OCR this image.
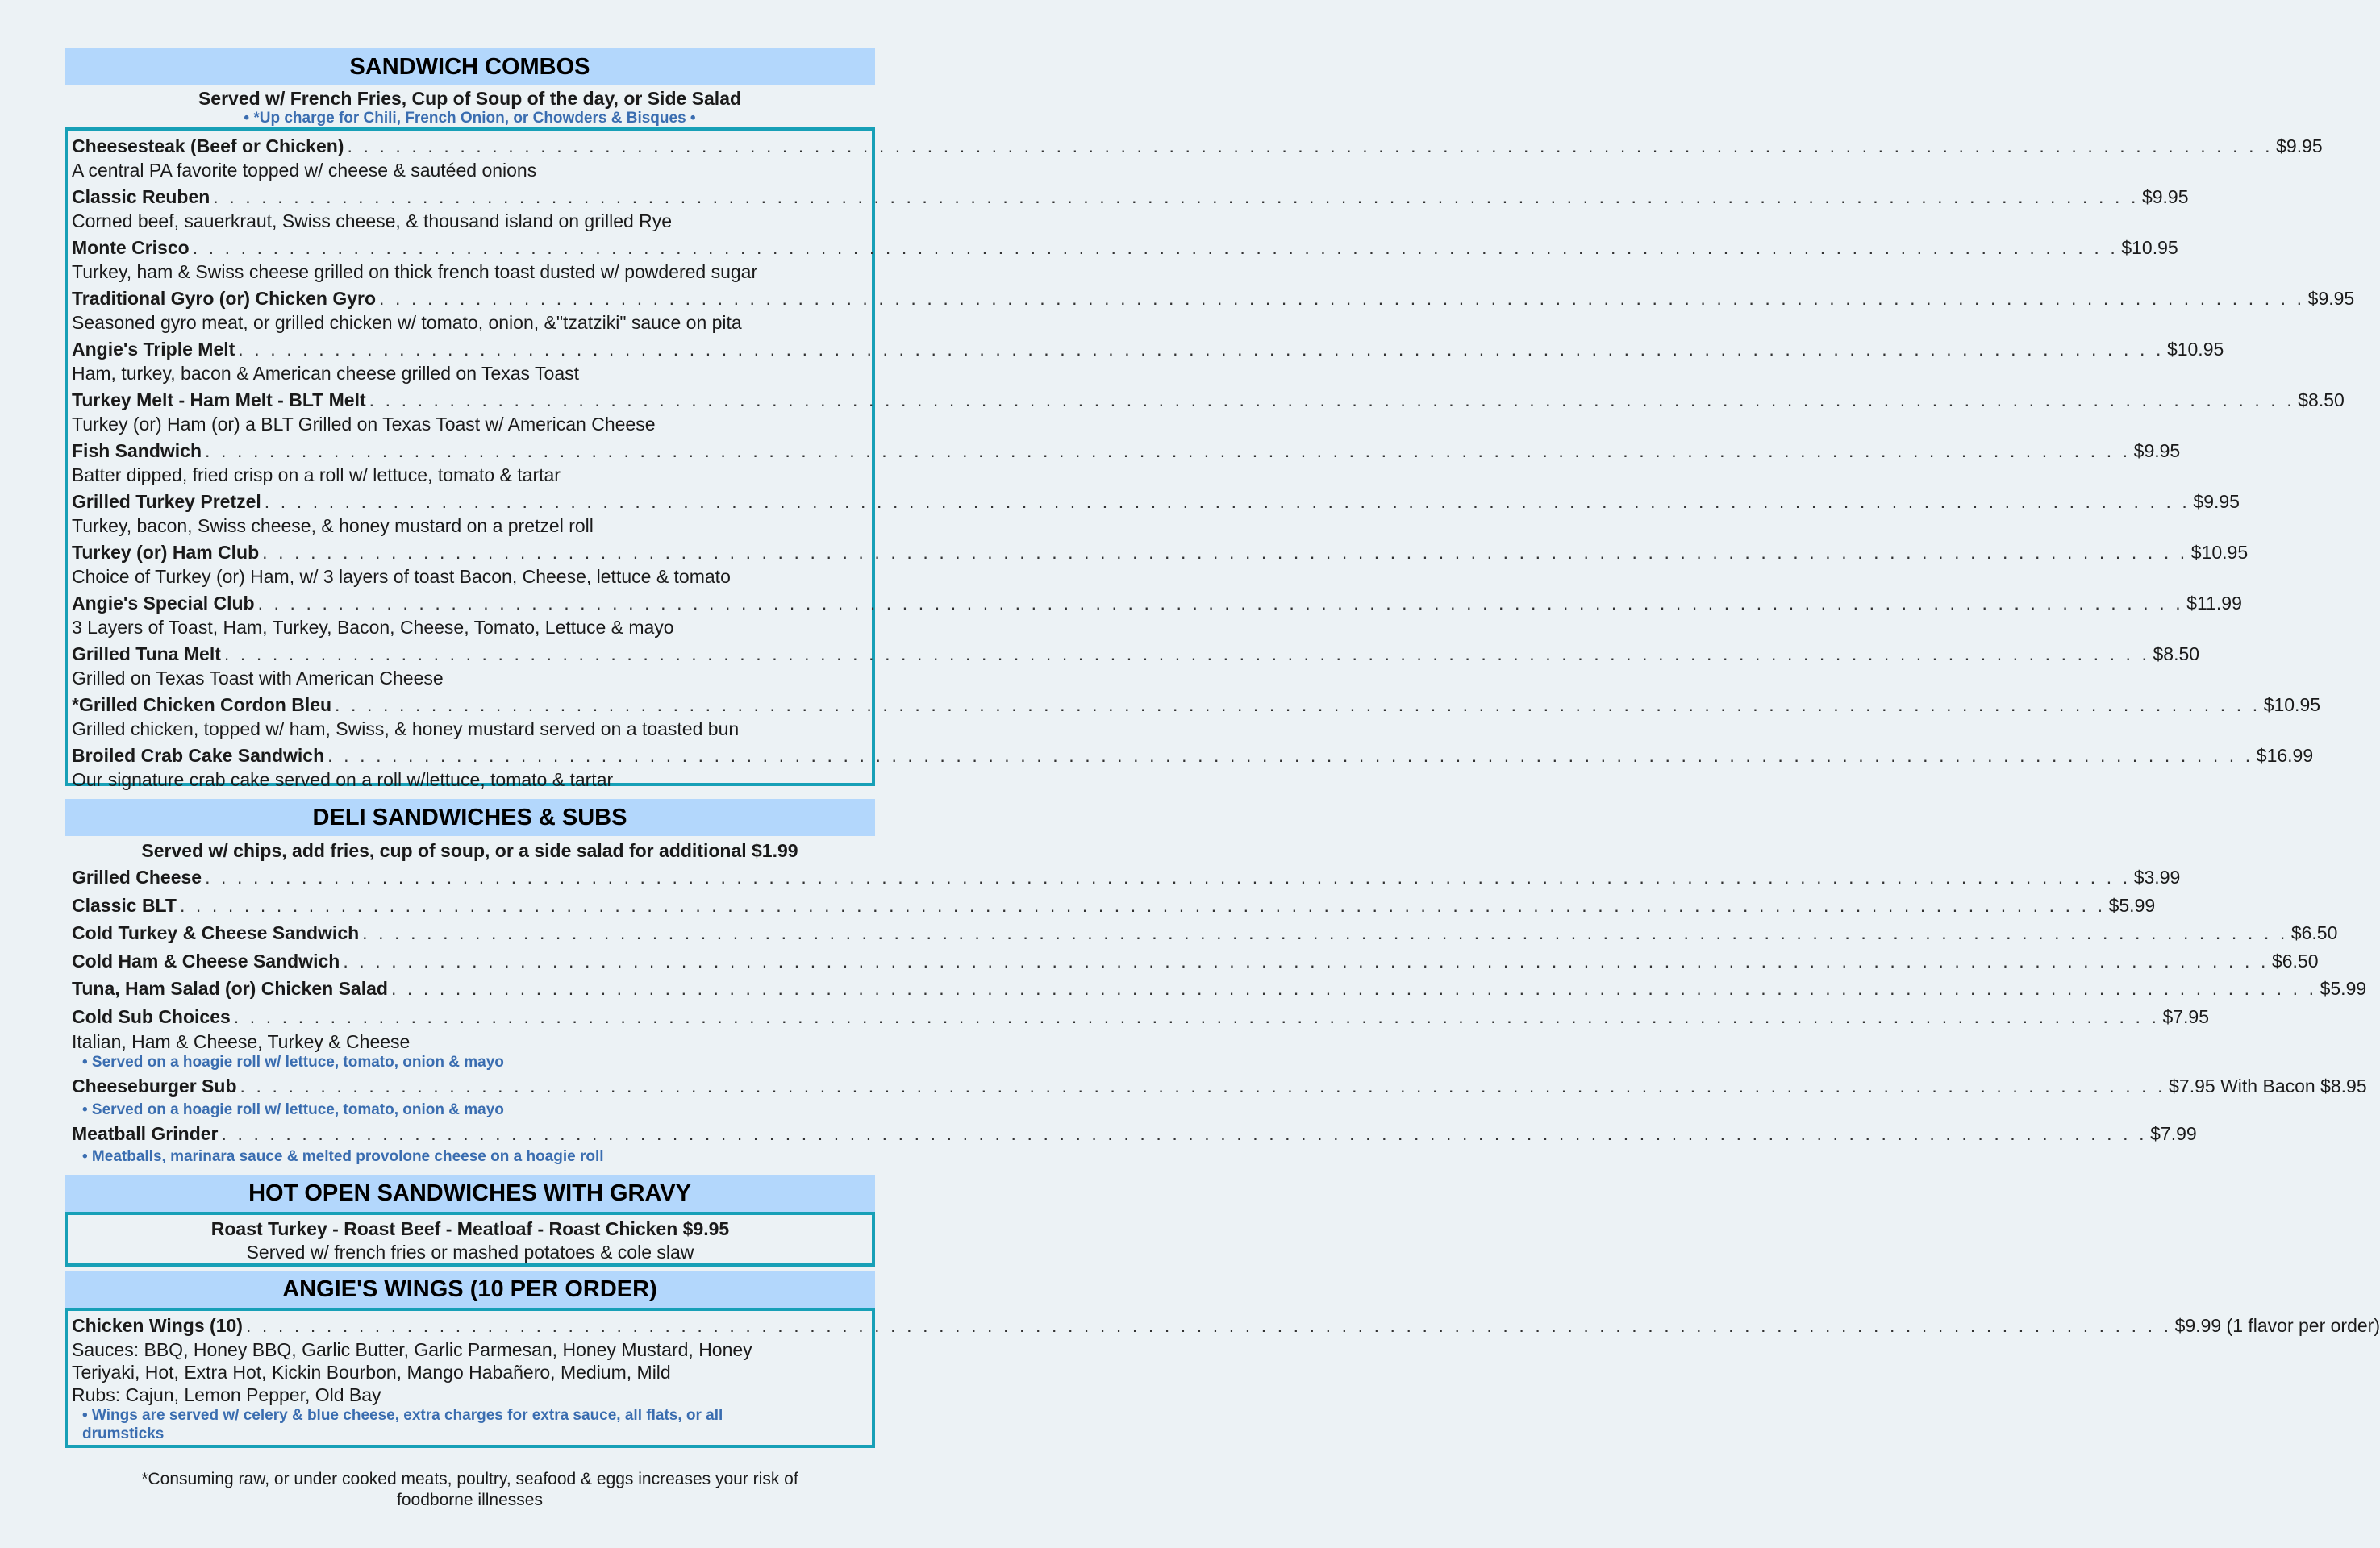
SANDWICH COMBOS
Served w/ French Fries, Cup of Soup of the day, or Side Salad
• *Up charge for Chili, French Onion, or Chowders & Bisques •
Cheesesteak (Beef or Chicken) . . . . . . . . . . . . . . . . . . . . . . . . . . . . . . . . . . . . . . . . . . . . . . . . . . . . . . . . . . . . . . . . . . . . . . . . . . . . . . . . . . . . . . . . . . . . . . . . . . . . . . . . . . . . . . . . . . . . . . . . $9.95
A central PA favorite topped w/ cheese & sautéed onions
Classic Reuben . . . . . . . . . . . . . . . . . . . . . . . . . . . . . . . . . . . . . . . . . . . . . . . . . . . . . . . . . . . . . . . . . . . . . . . . . . . . . . . . . . . . . . . . . . . . . . . . . . . . . . . . . . . . . . . . . . . . . . . . $9.95
Corned beef, sauerkraut, Swiss cheese, & thousand island on grilled Rye
Monte Crisco . . . . . . . . . . . . . . . . . . . . . . . . . . . . . . . . . . . . . . . . . . . . . . . . . . . . . . . . . . . . . . . . . . . . . . . . . . . . . . . . . . . . . . . . . . . . . . . . . . . . . . . . . . . . . . . . . . . . . . . . $10.95
Turkey, ham & Swiss cheese grilled on thick french toast dusted w/ powdered sugar
Traditional Gyro (or) Chicken Gyro . . . . . . . . . . . . . . . . . . . . . . . . . . . . . . . . . . . . . . . . . . . . . . . . . . . . . . . . . . . . . . . . . . . . . . . . . . . . . . . . . . . . . . . . . . . . . . . . . . . . . . . . . . . . . . . . . . . . . . . . $9.95
Seasoned gyro meat, or grilled chicken w/ tomato, onion, &"tzatziki" sauce on pita
Angie's Triple Melt . . . . . . . . . . . . . . . . . . . . . . . . . . . . . . . . . . . . . . . . . . . . . . . . . . . . . . . . . . . . . . . . . . . . . . . . . . . . . . . . . . . . . . . . . . . . . . . . . . . . . . . . . . . . . . . . . . . . . . . . $10.95
Ham, turkey, bacon & American cheese grilled on Texas Toast
Turkey Melt - Ham Melt - BLT Melt . . . . . . . . . . . . . . . . . . . . . . . . . . . . . . . . . . . . . . . . . . . . . . . . . . . . . . . . . . . . . . . . . . . . . . . . . . . . . . . . . . . . . . . . . . . . . . . . . . . . . . . . . . . . . . . . . . . . . . . . $8.50
Turkey (or) Ham (or) a BLT Grilled on Texas Toast w/ American Cheese
Fish Sandwich . . . . . . . . . . . . . . . . . . . . . . . . . . . . . . . . . . . . . . . . . . . . . . . . . . . . . . . . . . . . . . . . . . . . . . . . . . . . . . . . . . . . . . . . . . . . . . . . . . . . . . . . . . . . . . . . . . . . . . . . $9.95
Batter dipped, fried crisp on a roll w/ lettuce, tomato & tartar
Grilled Turkey Pretzel . . . . . . . . . . . . . . . . . . . . . . . . . . . . . . . . . . . . . . . . . . . . . . . . . . . . . . . . . . . . . . . . . . . . . . . . . . . . . . . . . . . . . . . . . . . . . . . . . . . . . . . . . . . . . . . . . . . . . . . . $9.95
Turkey, bacon, Swiss cheese, & honey mustard on a pretzel roll
Turkey (or) Ham Club . . . . . . . . . . . . . . . . . . . . . . . . . . . . . . . . . . . . . . . . . . . . . . . . . . . . . . . . . . . . . . . . . . . . . . . . . . . . . . . . . . . . . . . . . . . . . . . . . . . . . . . . . . . . . . . . . . . . . . . . $10.95
Choice of Turkey (or) Ham, w/ 3 layers of toast Bacon, Cheese, lettuce & tomato
Angie's Special Club . . . . . . . . . . . . . . . . . . . . . . . . . . . . . . . . . . . . . . . . . . . . . . . . . . . . . . . . . . . . . . . . . . . . . . . . . . . . . . . . . . . . . . . . . . . . . . . . . . . . . . . . . . . . . . . . . . . . . . . . $11.99
3 Layers of Toast, Ham, Turkey, Bacon, Cheese, Tomato, Lettuce & mayo
Grilled Tuna Melt . . . . . . . . . . . . . . . . . . . . . . . . . . . . . . . . . . . . . . . . . . . . . . . . . . . . . . . . . . . . . . . . . . . . . . . . . . . . . . . . . . . . . . . . . . . . . . . . . . . . . . . . . . . . . . . . . . . . . . . . $8.50
Grilled on Texas Toast with American Cheese
*Grilled Chicken Cordon Bleu . . . . . . . . . . . . . . . . . . . . . . . . . . . . . . . . . . . . . . . . . . . . . . . . . . . . . . . . . . . . . . . . . . . . . . . . . . . . . . . . . . . . . . . . . . . . . . . . . . . . . . . . . . . . . . . . . . . . . . . . $10.95
Grilled chicken, topped w/ ham, Swiss, & honey mustard served on a toasted bun
Broiled Crab Cake Sandwich . . . . . . . . . . . . . . . . . . . . . . . . . . . . . . . . . . . . . . . . . . . . . . . . . . . . . . . . . . . . . . . . . . . . . . . . . . . . . . . . . . . . . . . . . . . . . . . . . . . . . . . . . . . . . . . . . . . . . . . . $16.99
Our signature crab cake served on a roll w/lettuce, tomato & tartar
DELI SANDWICHES & SUBS
Served w/ chips, add fries, cup of soup, or a side salad for additional $1.99
Grilled Cheese . . . . . . . . . . . . . . . . . . . . . . . . . . . . . . . . . . . . . . . . . . . . . . . . . . . . . . . . . . . . . . . . . . . . . . . . . . . . . . . . . . . . . . . . . . . . . . . . . . . . . . . . . . . . . . . . . . . . . . . . $3.99
Classic BLT . . . . . . . . . . . . . . . . . . . . . . . . . . . . . . . . . . . . . . . . . . . . . . . . . . . . . . . . . . . . . . . . . . . . . . . . . . . . . . . . . . . . . . . . . . . . . . . . . . . . . . . . . . . . . . . . . . . . . . . . $5.99
Cold Turkey & Cheese Sandwich . . . . . . . . . . . . . . . . . . . . . . . . . . . . . . . . . . . . . . . . . . . . . . . . . . . . . . . . . . . . . . . . . . . . . . . . . . . . . . . . . . . . . . . . . . . . . . . . . . . . . . . . . . . . . . . . . . . . . . . . $6.50
Cold Ham & Cheese Sandwich . . . . . . . . . . . . . . . . . . . . . . . . . . . . . . . . . . . . . . . . . . . . . . . . . . . . . . . . . . . . . . . . . . . . . . . . . . . . . . . . . . . . . . . . . . . . . . . . . . . . . . . . . . . . . . . . . . . . . . . . $6.50
Tuna, Ham Salad (or) Chicken Salad . . . . . . . . . . . . . . . . . . . . . . . . . . . . . . . . . . . . . . . . . . . . . . . . . . . . . . . . . . . . . . . . . . . . . . . . . . . . . . . . . . . . . . . . . . . . . . . . . . . . . . . . . . . . . . . . . . . . . . . . $5.99
Cold Sub Choices . . . . . . . . . . . . . . . . . . . . . . . . . . . . . . . . . . . . . . . . . . . . . . . . . . . . . . . . . . . . . . . . . . . . . . . . . . . . . . . . . . . . . . . . . . . . . . . . . . . . . . . . . . . . . . . . . . . . . . . . $7.95
Italian, Ham & Cheese, Turkey & Cheese
• Served on a hoagie roll w/ lettuce, tomato, onion & mayo
Cheeseburger Sub . . . . . . . . . . . . . . . . . . . . . . . . . . . . . . . . . . . . . . . . . . . . . . . . . . . . . . . . . . . . . . . . . . . . . . . . . . . . . . . . . . . . . . . . . . . . . . . . . . . . . . . . . . . . . . . . . . . . . . . . $7.95 With Bacon $8.95
• Served on a hoagie roll w/ lettuce, tomato, onion & mayo
Meatball Grinder . . . . . . . . . . . . . . . . . . . . . . . . . . . . . . . . . . . . . . . . . . . . . . . . . . . . . . . . . . . . . . . . . . . . . . . . . . . . . . . . . . . . . . . . . . . . . . . . . . . . . . . . . . . . . . . . . . . . . . . . $7.99
• Meatballs, marinara sauce & melted provolone cheese on a hoagie roll
HOT OPEN SANDWICHES WITH GRAVY
Roast Turkey - Roast Beef - Meatloaf - Roast Chicken $9.95
Served w/ french fries or mashed potatoes & cole slaw
ANGIE'S WINGS (10 PER ORDER)
Chicken Wings (10) . . . . . . . . . . . . . . . . . . . . . . . . . . . . . . . . . . . . . . . . . . . . . . . . . . . . . . . . . . . . . . . . . . . . . . . . . . . . . . . . . . . . . . . . . . . . . . . . . . . . . . . . . . . . . . . . . . . . . . . . $9.99 (1 flavor per order)
Sauces: BBQ, Honey BBQ, Garlic Butter, Garlic Parmesan, Honey Mustard, Honey
Teriyaki, Hot, Extra Hot, Kickin Bourbon, Mango Habañero, Medium, Mild
Rubs: Cajun, Lemon Pepper, Old Bay
• Wings are served w/ celery & blue cheese, extra charges for extra sauce, all flats, or all
drumsticks
*Consuming raw, or under cooked meats, poultry, seafood & eggs increases your risk of
foodborne illnesses
